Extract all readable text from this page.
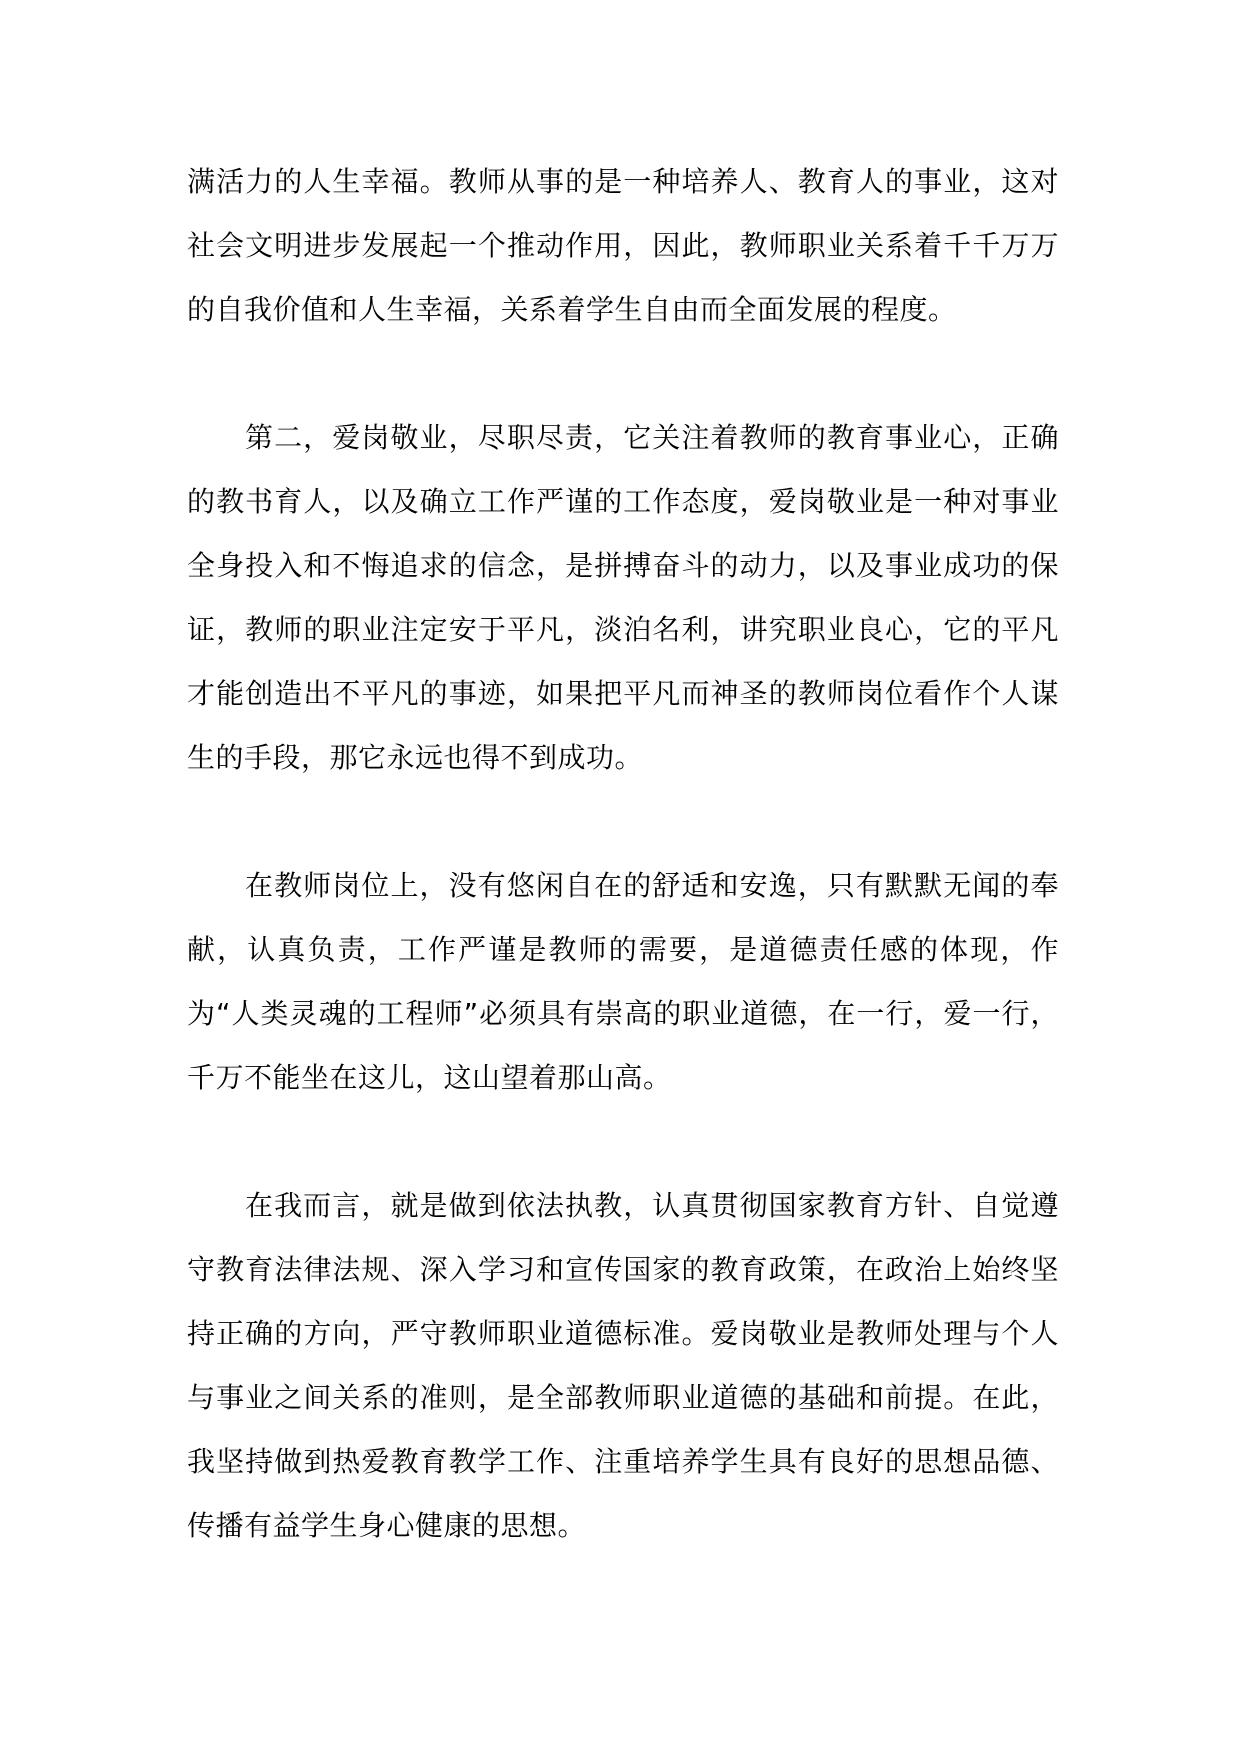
满活力的人生幸福。教师从事的是一种培养人、教育人的事业，这对社会文明进步发展起一个推动作用，因此，教师职业关系着千千万万的自我价值和人生幸福，关系着学生自由而全面发展的程度。

第二，爱岗敬业，尽职尽责，它关注着教师的教育事业心，正确的教书育人，以及确立工作严谨的工作态度，爱岗敬业是一种对事业全身投入和不悔追求的信念，是拼搏奋斗的动力，以及事业成功的保证，教师的职业注定安于平凡，淡泊名利，讲究职业良心，它的平凡才能创造出不平凡的事迹，如果把平凡而神圣的教师岗位看作个人谋生的手段，那它永远也得不到成功。

在教师岗位上，没有悠闲自在的舒适和安逸，只有默默无闻的奉献，认真负责，工作严谨是教师的需要，是道德责任感的体现，作为“人类灵魂的工程师”必须具有崇高的职业道德，在一行，爱一行，千万不能坐在这儿，这山望着那山高。

在我而言，就是做到依法执教，认真贯彻国家教育方针、自觉遵守教育法律法规、深入学习和宣传国家的教育政策，在政治上始终坚持正确的方向，严守教师职业道德标准。爱岗敬业是教师处理与个人与事业之间关系的准则，是全部教师职业道德的基础和前提。在此，我坚持做到热爱教育教学工作、注重培养学生具有良好的思想品德、传播有益学生身心健康的思想。
